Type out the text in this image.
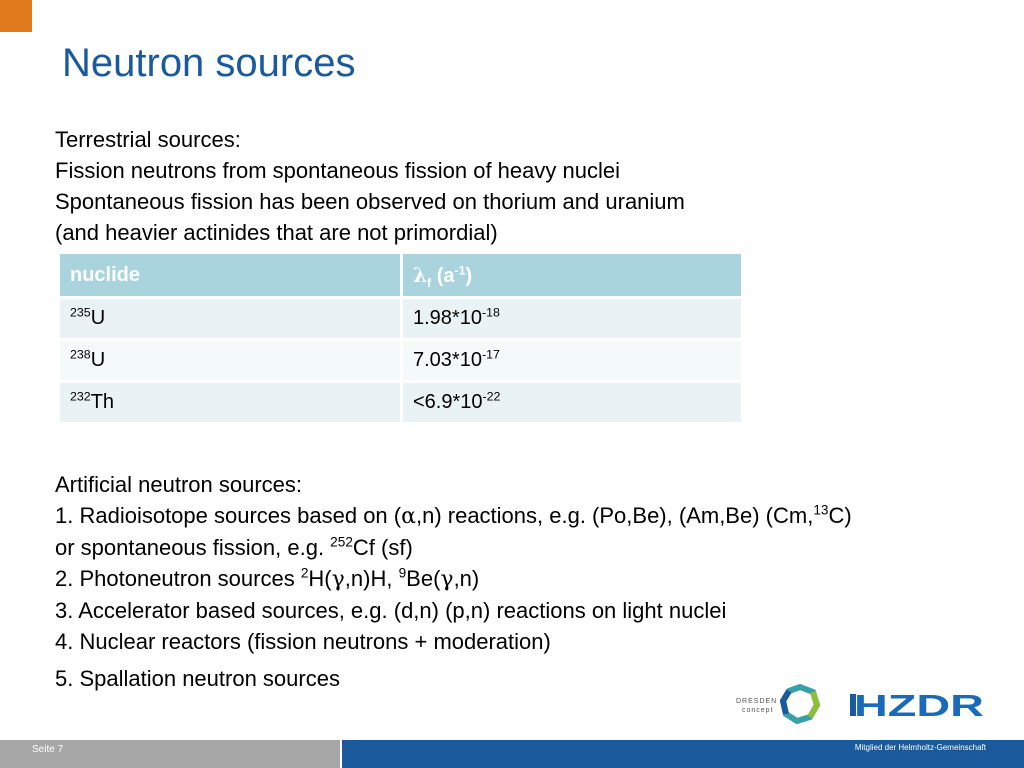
Neutron sources
Terrestrial sources:
Fission neutrons from spontaneous fission of heavy nuclei
Spontaneous fission has been observed on thorium and uranium
(and heavier actinides that are not primordial)
nuclide	$\lambda_f$ $(a^{-1})$
$^{235}$U	$1.98*10^{-18}$
$^{238}$U	$7.03*10^{-17}$
$^{232}$Th	$<6.9*10^{-22}$
Artificial neutron sources:
1. Radioisotope sources based on (α,n) reactions, e.g. (Po,Be), (Am,Be) (Cm,$^{13}$C)
or spontaneous fission, e.g. $^{252}$Cf (sf)
2. Photoneutron sources $^2$H(γ,n)H, $^9$Be(γ,n)
3. Accelerator based sources, e.g. (d,n) (p,n) reactions on light nuclei
4. Nuclear reactors (fission neutrons + moderation)
5. Spallation neutron sources
DRESDEN
concept	HZDR
Seite 7	Mitglied der Helmholtz-Gemeinschaft
